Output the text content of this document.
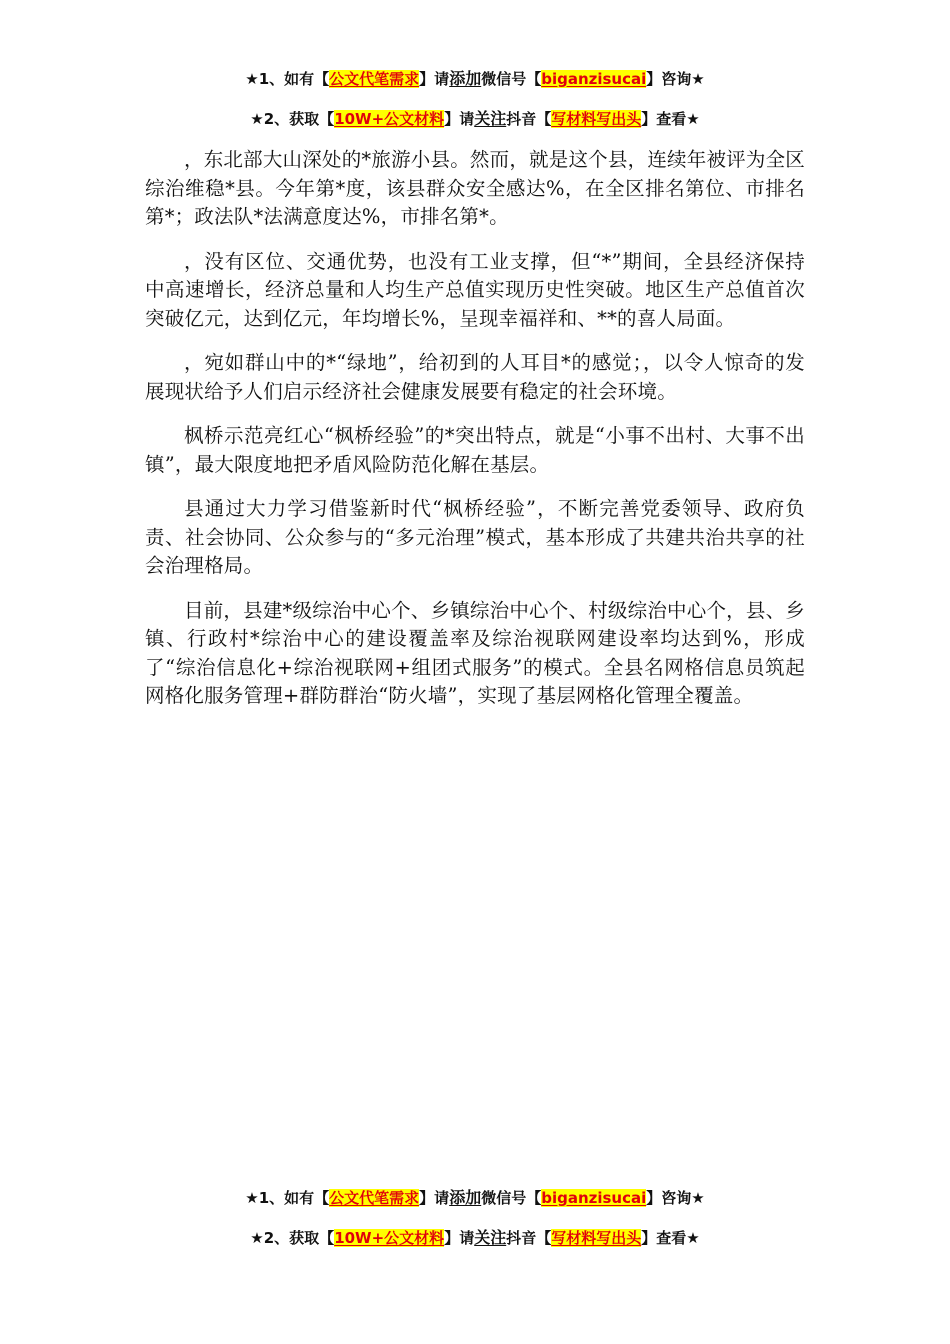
★1、如有【公文代笔需求】请添加微信号【biganzisucai】咨询★
★2、获取【10W+公文材料】请关注抖音【写材料写出头】查看★

，东北部大山深处的*旅游小县。然而，就是这个县，连续年被评为全区综治维稳*县。今年第*度，该县群众安全感达%，在全区排名第位、市排名第*；政法队*法满意度达%，市排名第*。

，没有区位、交通优势，也没有工业支撑，但“*”期间，全县经济保持中高速增长，经济总量和人均生产总值实现历史性突破。地区生产总值首次突破亿元，达到亿元，年均增长%，呈现幸福祥和、**的喜人局面。

，宛如群山中的*“绿地”，给初到的人耳目*的感觉；，以令人惊奇的发展现状给予人们启示经济社会健康发展要有稳定的社会环境。

枫桥示范亮红心“枫桥经验”的*突出特点，就是“小事不出村、大事不出镇”，最大限度地把矛盾风险防范化解在基层。

县通过大力学习借鉴新时代“枫桥经验”，不断完善党委领导、政府负责、社会协同、公众参与的“多元治理”模式，基本形成了共建共治共享的社会治理格局。

目前，县建*级综治中心个、乡镇综治中心个、村级综治中心个，县、乡镇、行政村*综治中心的建设覆盖率及综治视联网建设率均达到%，形成了“综治信息化+综治视联网+组团式服务”的模式。全县名网格信息员筑起网格化服务管理+群防群治“防火墙”，实现了基层网格化管理全覆盖。

★1、如有【公文代笔需求】请添加微信号【biganzisucai】咨询★
★2、获取【10W+公文材料】请关注抖音【写材料写出头】查看★
